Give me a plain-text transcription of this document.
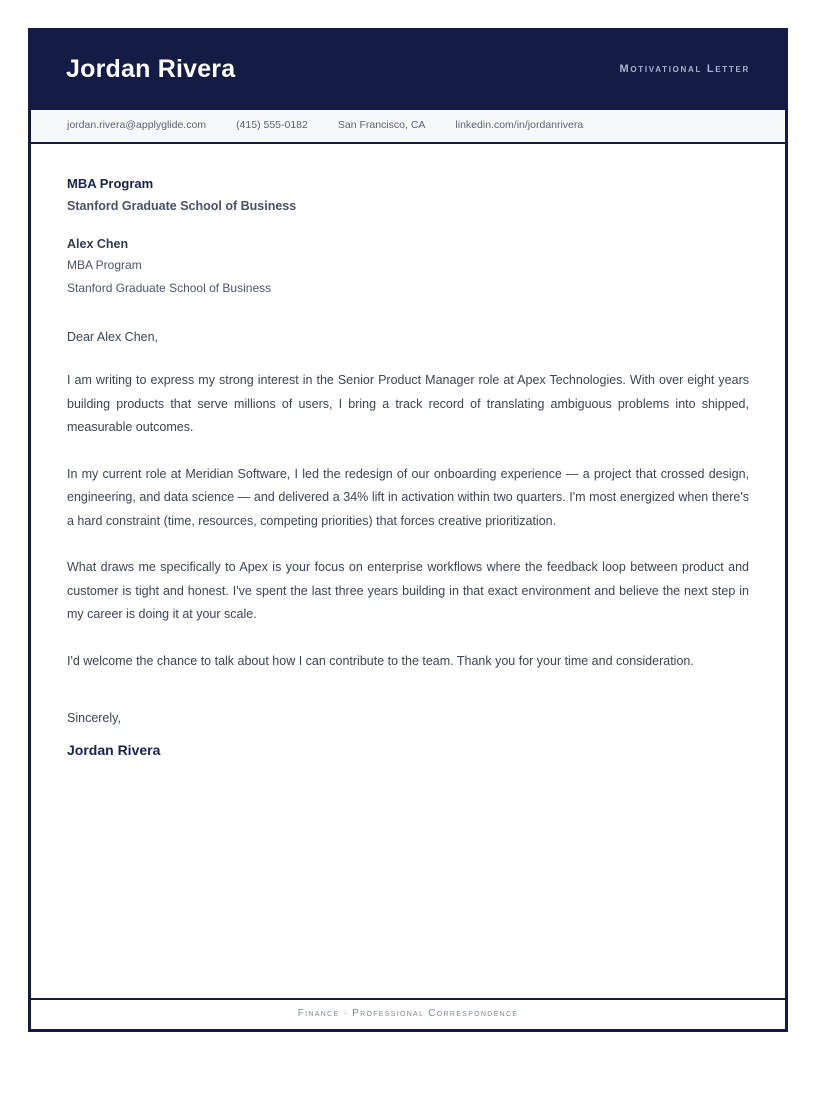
Jordan Rivera	Motivational Letter
jordan.rivera@applyglide.com	(415) 555-0182	San Francisco, CA	linkedin.com/in/jordanrivera

MBA Program

Stanford Graduate School of Business

Alex Chen

MBA Program

Stanford Graduate School of Business

Dear Alex Chen,

I am writing to express my strong interest in the Senior Product Manager role at Apex Technologies. With over eight years building products that serve millions of users, I bring a track record of translating ambiguous problems into shipped, measurable outcomes.

In my current role at Meridian Software, I led the redesign of our onboarding experience — a project that crossed design, engineering, and data science — and delivered a 34% lift in activation within two quarters. I'm most energized when there's a hard constraint (time, resources, competing priorities) that forces creative prioritization.

What draws me specifically to Apex is your focus on enterprise workflows where the feedback loop between product and customer is tight and honest. I've spent the last three years building in that exact environment and believe the next step in my career is doing it at your scale.

I'd welcome the chance to talk about how I can contribute to the team. Thank you for your time and consideration.

Sincerely,

Jordan Rivera

Finance · Professional Correspondence
